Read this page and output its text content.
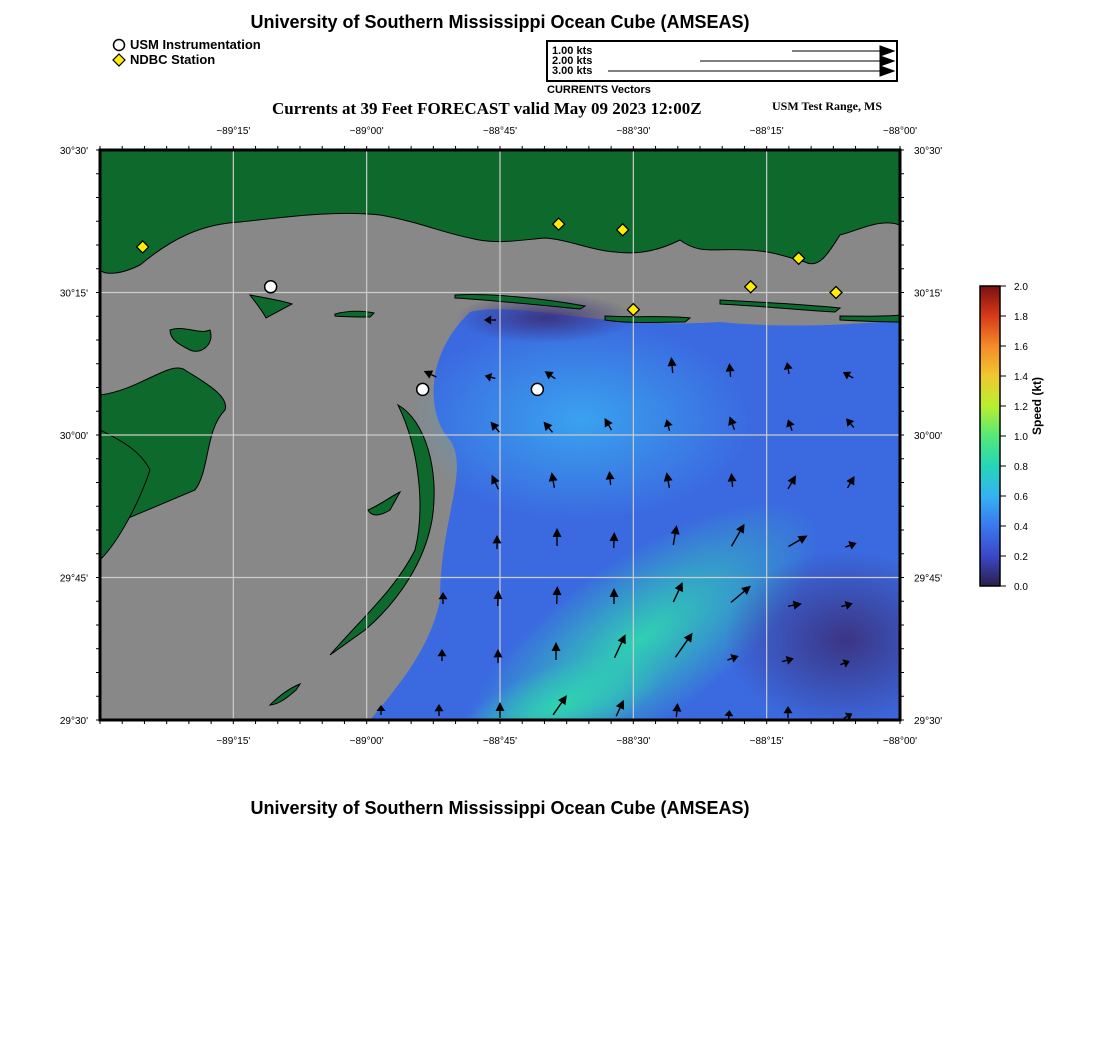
University of Southern Mississippi Ocean Cube (AMSEAS)
USM Instrumentation
NDBC Station
1.00 kts
2.00 kts
3.00 kts
CURRENTS Vectors
Currents at 39 Feet FORECAST valid May 09 2023 12:00Z	USM Test Range, MS
−89°15'
−89°15'
−89°00'
−89°00'
−88°45'
−88°45'
−88°30'
−88°30'
−88°15'
−88°15'
−88°00'
−88°00'
30°30'	30°30'
30°15'	30°15'
30°00'	30°00'
29°45'	29°45'
29°30'	29°30'
2.0
1.8
1.6
1.4
1.2
1.0
0.8
0.6
0.4
0.2
0.0
Speed (kt)
University of Southern Mississippi Ocean Cube (AMSEAS)
